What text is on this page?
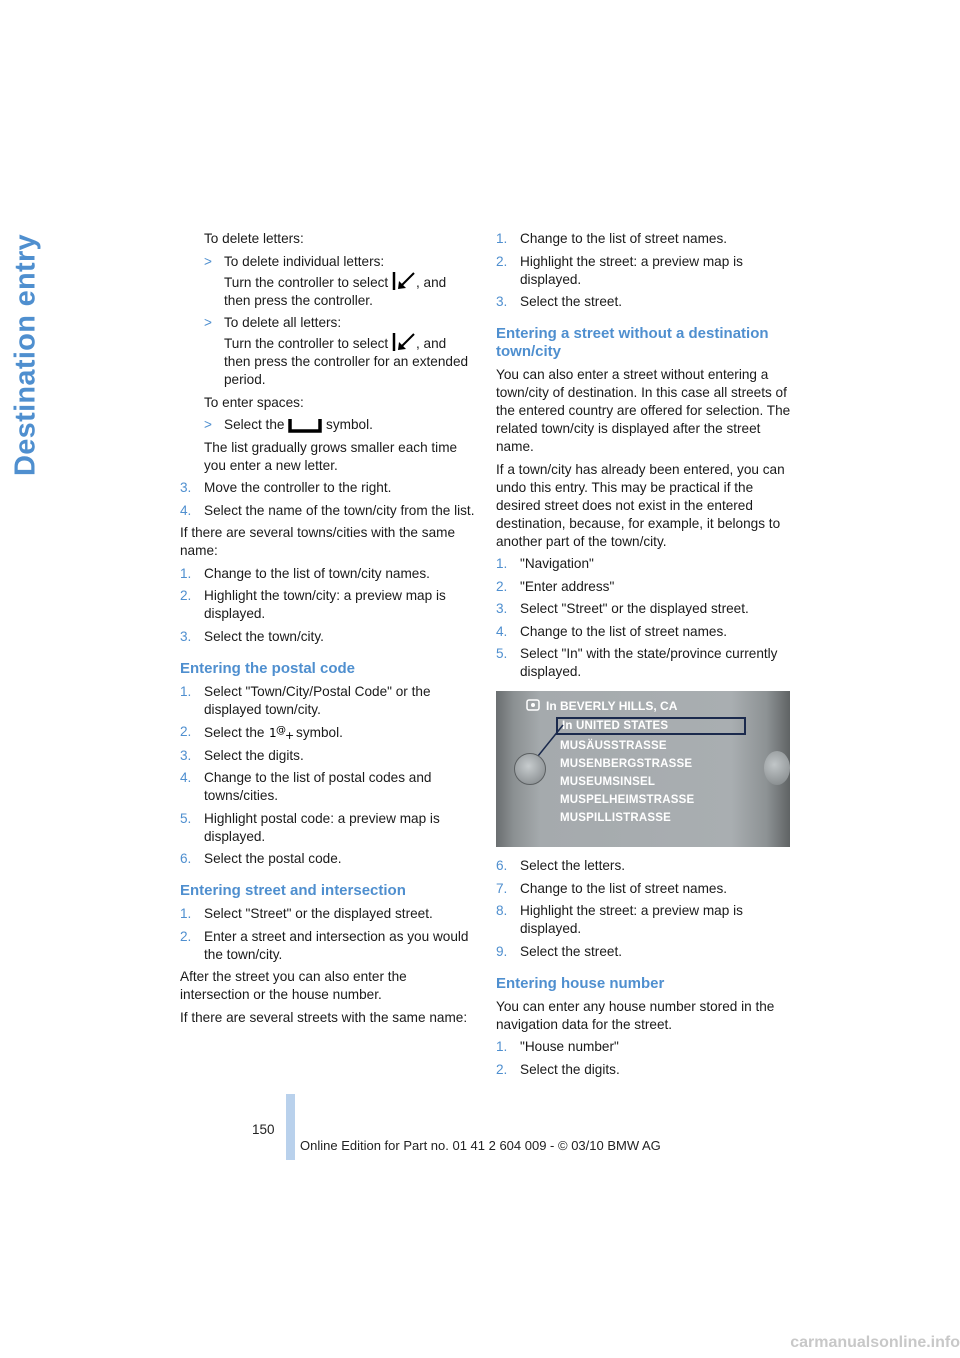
Destination entry	To delete letters:

> To delete individual letters:
Turn the controller to select , and then press the controller.
> To delete all letters:
Turn the controller to select , and then press the controller for an extended period.

To enter spaces:

> Select the	symbol.

The list gradually grows smaller each time you enter a new letter.

3. Move the controller to the right.
4. Select the name of the town/city from the list.

If there are several towns/cities with the same name:

1. Change to the list of town/city names.
2. Highlight the town/city: a preview map is displayed.
3. Select the town/city.
Entering the postal code
1. Select "Town/City/Postal Code" or the displayed town/city.
2. Select the 1 @ + symbol.
3. Select the digits.
4. Change to the list of postal codes and towns/cities.
5. Highlight postal code: a preview map is displayed.
6. Select the postal code.
Entering street and intersection
1. Select "Street" or the displayed street.
2. Enter a street and intersection as you would the town/city.

After the street you can also enter the intersection or the house number.

If there are several streets with the same name:

1. Change to the list of street names.
2. Highlight the street: a preview map is displayed.
3. Select the street.
Entering a street without a destination town/city

You can also enter a street without entering a town/city of destination. In this case all streets of the entered country are offered for selection. The related town/city is displayed after the street name.

If a town/city has already been entered, you can undo this entry. This may be practical if the desired street does not exist in the entered destination, because, for example, it belongs to another part of the town/city.

1. "Navigation"
2. "Enter address"
3. Select "Street" or the displayed street.
4. Change to the list of street names.
5. Select "In" with the state/province currently displayed.
In BEVERLY HILLS, CA
In UNITED STATES
MUSÄUSSTRASSE
MUSENBERGSTRASSE
MUSEUMSINSEL
MUSPELHEIMSTRASSE
MUSPILLISTRASSE
6. Select the letters.
7. Change to the list of street names.
8. Highlight the street: a preview map is displayed.
9. Select the street.
Entering house number

You can enter any house number stored in the navigation data for the street.

1. "House number"
2. Select the digits.
150
Online Edition for Part no. 01 41 2 604 009 - © 03/10 BMW AG
carmanualsonline.info
